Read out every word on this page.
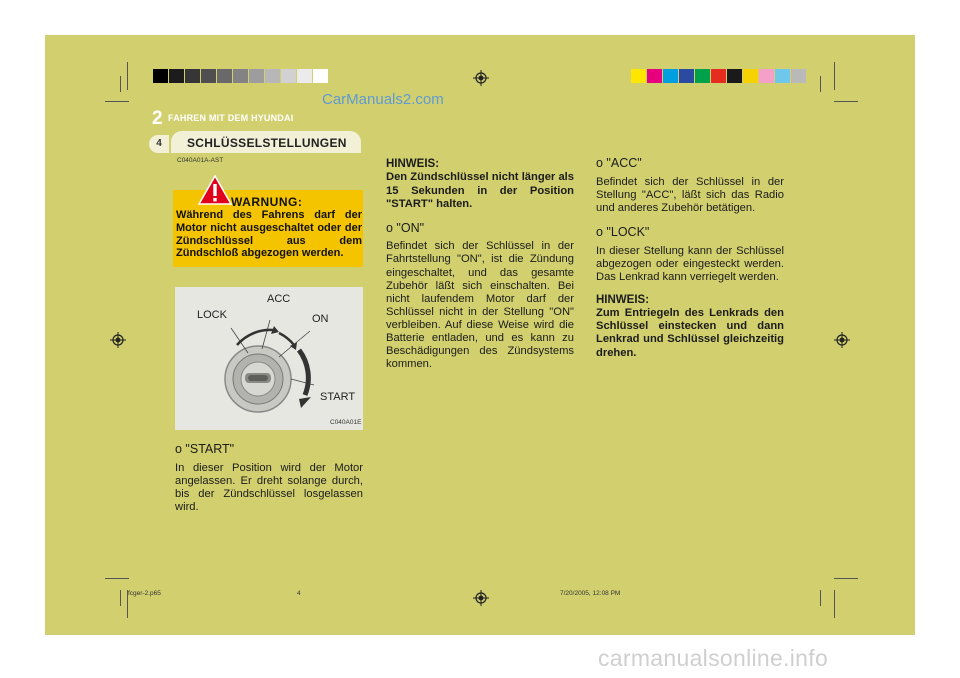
2 FAHREN MIT DEM HYUNDAI
CarManuals2.com
4	SCHLÜSSELSTELLUNGEN
C040A01A-AST
WARNUNG:
Während des Fahrens darf der Motor nicht ausgeschaltet oder der Zündschlüssel aus dem Zündschloß abgezogen werden.
LOCK
ACC
ON
START
C040A01E
o "START"

In dieser Position wird der Motor angelassen. Er dreht solange durch, bis der Zündschlüssel losgelassen wird.

HINWEIS:

Den Zündschlüssel nicht länger als 15 Sekunden in der Position "START" halten.

o "ON"

Befindet sich der Schlüssel in der Fahrtstellung "ON", ist die Zündung eingeschaltet, und das gesamte Zubehör läßt sich einschalten. Bei nicht laufendem Motor darf der Schlüssel nicht in der Stellung "ON" verbleiben. Auf diese Weise wird die Batterie entladen, und es kann zu Beschädigungen des Zündsystems kommen.

o "ACC"

Befindet sich der Schlüssel in der Stellung "ACC", läßt sich das Radio und anderes Zubehör betätigen.

o "LOCK"

In dieser Stellung kann der Schlüssel abgezogen oder eingesteckt werden. Das Lenkrad kann verriegelt werden.

HINWEIS:

Zum Entriegeln des Lenkrads den Schlüssel einstecken und dann Lenkrad und Schlüssel gleichzeitig drehen.

fcger-2.p65	4	7/20/2005, 12:08 PM
carmanualsonline.info
